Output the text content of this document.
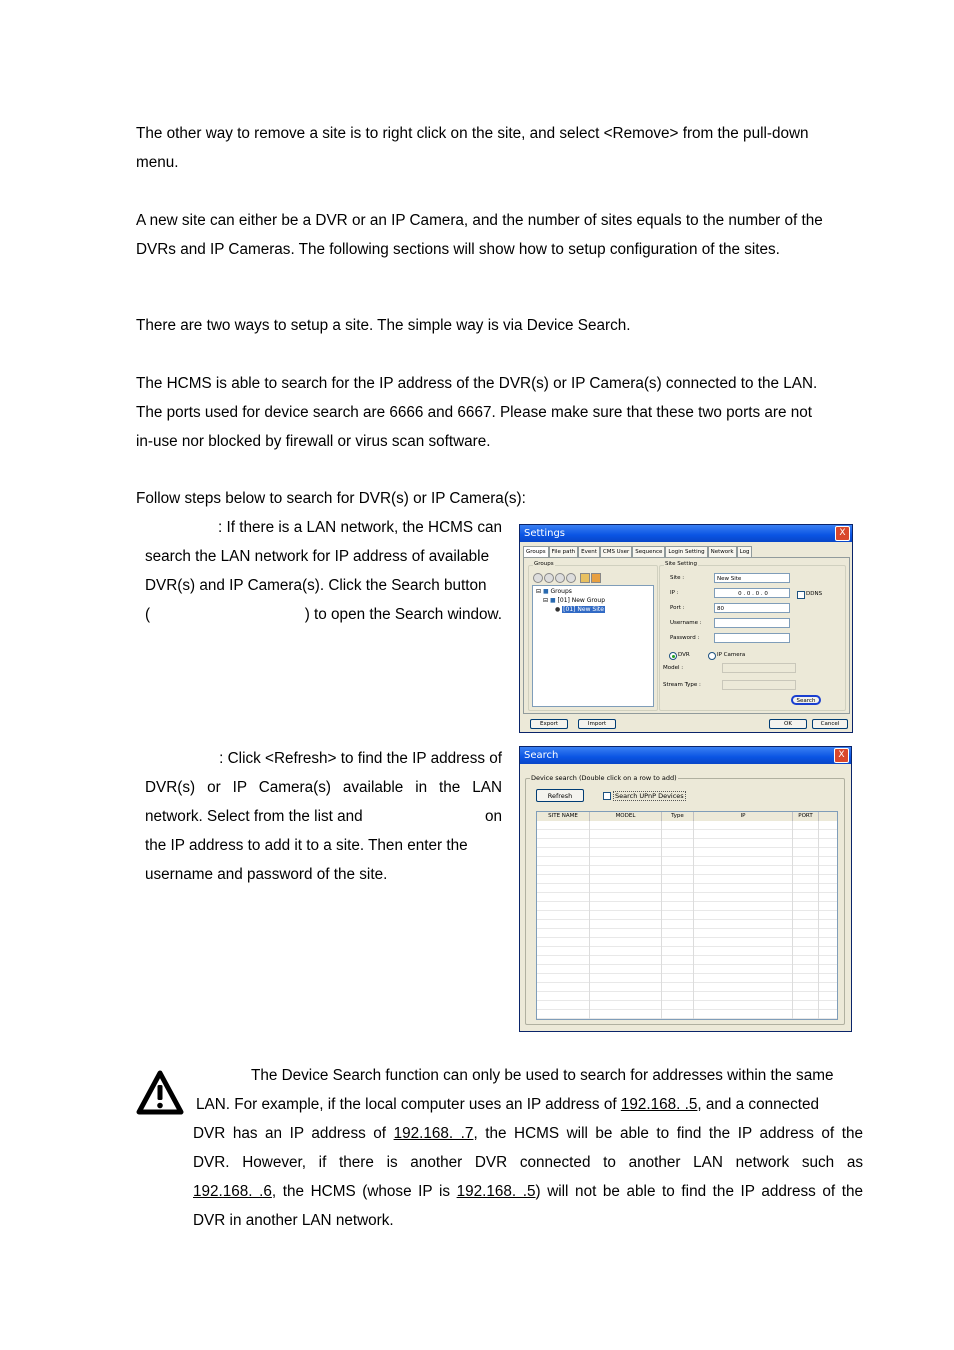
The other way to remove a site is to right click on the site, and select <Remove> from the pull-down
menu.

A new site can either be a DVR or an IP Camera, and the number of sites equals to the number of the
DVRs and IP Cameras. The following sections will show how to setup configuration of the sites.

There are two ways to setup a site. The simple way is via Device Search.

The HCMS is able to search for the IP address of the DVR(s) or IP Camera(s) connected to the LAN.
The ports used for device search are 6666 and 6667. Please make sure that these two ports are not
in-use nor blocked by firewall or virus scan software.

Follow steps below to search for DVR(s) or IP Camera(s):

: If there is a LAN network, the HCMS can
search the LAN network for IP address of available
DVR(s) and IP Camera(s). Click the Search button
(	) to open the Search window.
: Click <Refresh> to find the IP address of
DVR(s) or IP Camera(s) available in the LAN
network. Select from the list and	on
the IP address to add it to a site. Then enter the
username and password of the site.
Settings	X
Groups	File path	Event	CMS User	Sequence	Login Setting	Network	Log
Groups
⊟ ■ Groups
⊟ ■ [01] New Group
● [01] New Site
Site Setting
Site :	New Site
IP :	0 . 0 . 0 . 0	DDNS
Port :	80
Username :
Password :
DVR	IP Camera
Model :
Stream Type :
Search
Export	Import	OK	Cancel
Search	X
Device search (Double click on a row to add)
Refresh	Search UPnP Devices
SITE NAME	MODEL	Type	IP	PORT
The Device Search function can only be used to search for addresses within the same
LAN. For example, if the local computer uses an IP address of 192.168. .5, and a connected
DVR has an IP address of 192.168. .7, the HCMS will be able to find the IP address of the
DVR. However, if there is another DVR connected to another LAN network such as
192.168. .6, the HCMS (whose IP is 192.168. .5) will not be able to find the IP address of the
DVR in another LAN network.
